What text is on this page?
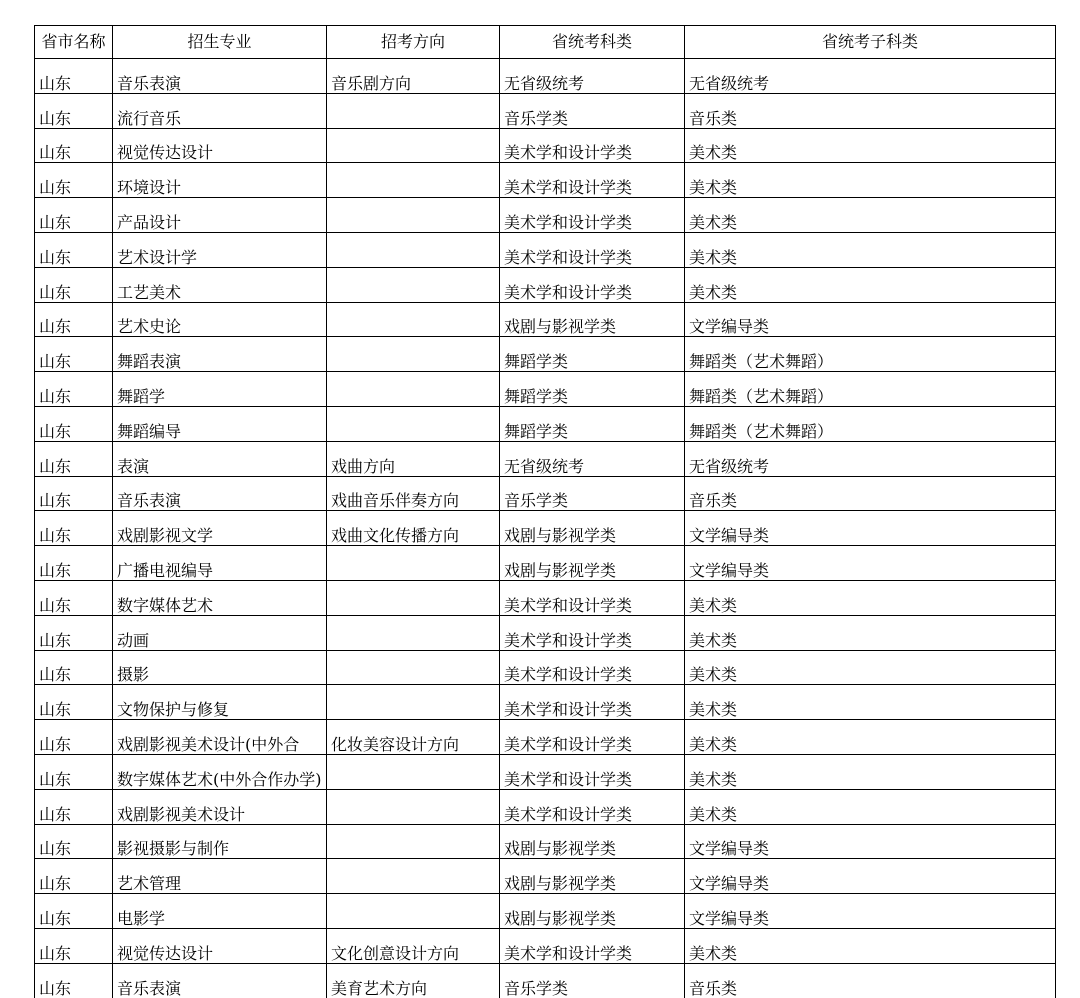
省市名称	招生专业	招考方向	省统考科类	省统考子科类
山东	音乐表演	音乐剧方向	无省级统考	无省级统考
山东	流行音乐		音乐学类	音乐类
山东	视觉传达设计		美术学和设计学类	美术类
山东	环境设计		美术学和设计学类	美术类
山东	产品设计		美术学和设计学类	美术类
山东	艺术设计学		美术学和设计学类	美术类
山东	工艺美术		美术学和设计学类	美术类
山东	艺术史论		戏剧与影视学类	文学编导类
山东	舞蹈表演		舞蹈学类	舞蹈类（艺术舞蹈）
山东	舞蹈学		舞蹈学类	舞蹈类（艺术舞蹈）
山东	舞蹈编导		舞蹈学类	舞蹈类（艺术舞蹈）
山东	表演	戏曲方向	无省级统考	无省级统考
山东	音乐表演	戏曲音乐伴奏方向	音乐学类	音乐类
山东	戏剧影视文学	戏曲文化传播方向	戏剧与影视学类	文学编导类
山东	广播电视编导		戏剧与影视学类	文学编导类
山东	数字媒体艺术		美术学和设计学类	美术类
山东	动画		美术学和设计学类	美术类
山东	摄影		美术学和设计学类	美术类
山东	文物保护与修复		美术学和设计学类	美术类
山东	戏剧影视美术设计(中外合	化妆美容设计方向	美术学和设计学类	美术类
山东	数字媒体艺术(中外合作办学)		美术学和设计学类	美术类
山东	戏剧影视美术设计		美术学和设计学类	美术类
山东	影视摄影与制作		戏剧与影视学类	文学编导类
山东	艺术管理		戏剧与影视学类	文学编导类
山东	电影学		戏剧与影视学类	文学编导类
山东	视觉传达设计	文化创意设计方向	美术学和设计学类	美术类
山东	音乐表演	美育艺术方向	音乐学类	音乐类
